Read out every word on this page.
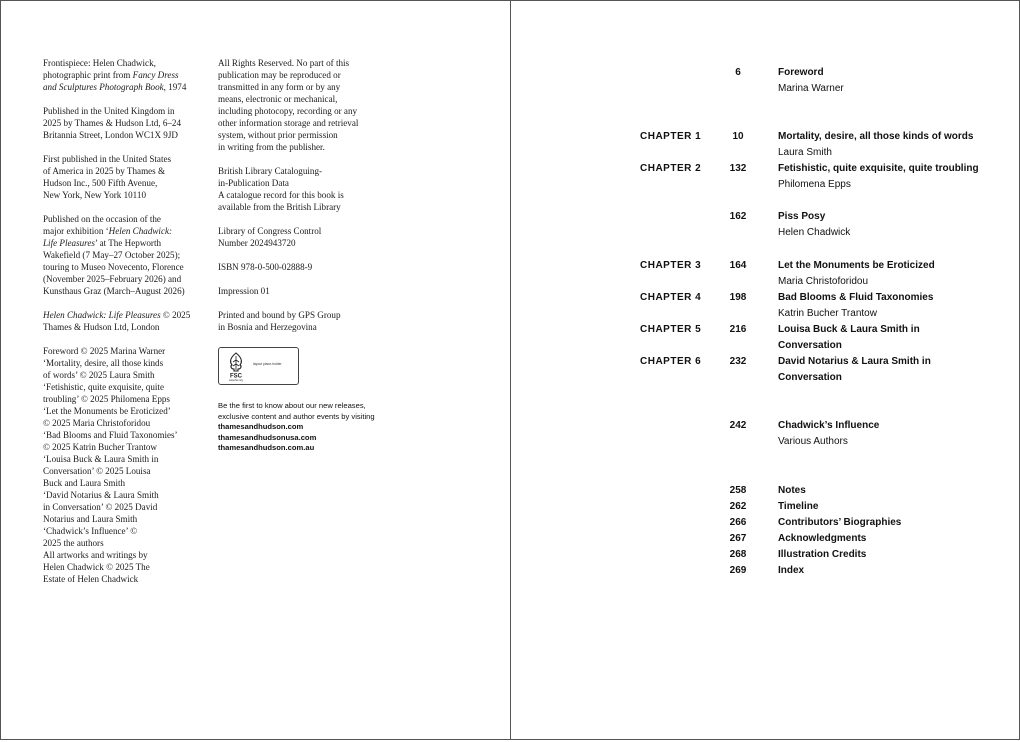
Frontispiece: Helen Chadwick,
photographic print from Fancy Dress
and Sculptures Photograph Book, 1974

Published in the United Kingdom in
2025 by Thames & Hudson Ltd, 6–24
Britannia Street, London WC1X 9JD

First published in the United States
of America in 2025 by Thames &
Hudson Inc., 500 Fifth Avenue,
New York, New York 10110

Published on the occasion of the
major exhibition ‘Helen Chadwick:
Life Pleasures’ at The Hepworth
Wakefield (7 May–27 October 2025);
touring to Museo Novecento, Florence
(November 2025–February 2026) and
Kunsthaus Graz (March–August 2026)

Helen Chadwick: Life Pleasures © 2025
Thames & Hudson Ltd, London

Foreword © 2025 Marina Warner
‘Mortality, desire, all those kinds
of words’ © 2025 Laura Smith
‘Fetishistic, quite exquisite, quite
troubling’ © 2025 Philomena Epps
‘Let the Monuments be Eroticized’
© 2025 Maria Christoforidou
‘Bad Blooms and Fluid Taxonomies’
© 2025 Katrin Bucher Trantow
‘Louisa Buck & Laura Smith in
Conversation’ © 2025 Louisa
Buck and Laura Smith
‘David Notarius & Laura Smith
in Conversation’ © 2025 David
Notarius and Laura Smith
‘Chadwick’s Influence’ ©
2025 the authors
All artworks and writings by
Helen Chadwick © 2025 The
Estate of Helen Chadwick

All Rights Reserved. No part of this
publication may be reproduced or
transmitted in any form or by any
means, electronic or mechanical,
including photocopy, recording or any
other information storage and retrieval
system, without prior permission
in writing from the publisher.

British Library Cataloguing-
in-Publication Data
A catalogue record for this book is
available from the British Library

Library of Congress Control
Number 2024943720

ISBN 978-0-500-02888-9

Impression 01

Printed and bound by GPS Group
in Bosnia and Herzegovina

FSC
www.fsc.org
layout place-holder
Be the first to know about our new releases,
exclusive content and author events by visiting
thamesandhudson.com
thamesandhudsonusa.com
thamesandhudson.com.au
6	Foreword
Marina Warner
CHAPTER 1	10	Mortality, desire, all those kinds of words
Laura Smith
CHAPTER 2	132	Fetishistic, quite exquisite, quite troubling
Philomena Epps
162	Piss Posy
Helen Chadwick
CHAPTER 3	164	Let the Monuments be Eroticized
Maria Christoforidou
CHAPTER 4	198	Bad Blooms & Fluid Taxonomies
Katrin Bucher Trantow
CHAPTER 5	216	Louisa Buck & Laura Smith in Conversation
CHAPTER 6	232	David Notarius & Laura Smith in Conversation
242	Chadwick’s Influence
Various Authors
258	Notes
262	Timeline
266	Contributors’ Biographies
267	Acknowledgments
268	Illustration Credits
269	Index
